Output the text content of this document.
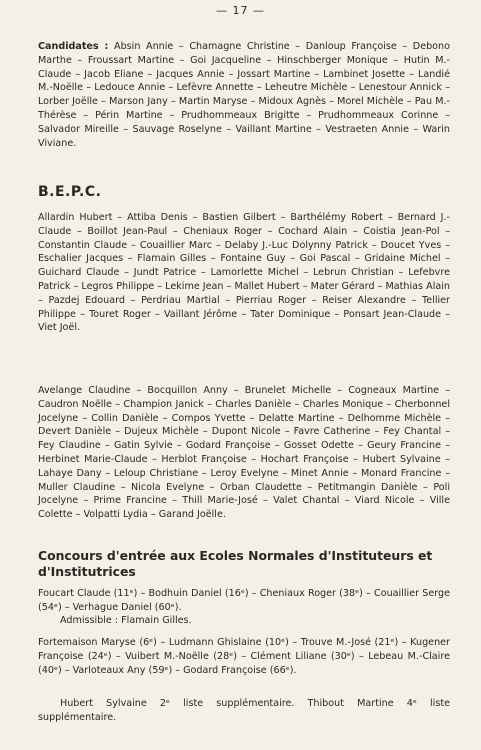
— 17 —
Candidates : Absin Annie – Chamagne Christine – Danloup Françoise – Debono Marthe – Froussart Martine – Goi Jacqueline – Hinschberger Monique – Hutin M.-Claude – Jacob Eliane – Jacques Annie – Jossart Martine – Lambinet Josette – Landié M.-Noëlle – Ledouce Annie – Lefèvre Annette – Leheutre Michèle – Lenestour Annick – Lorber Joëlle – Marson Jany – Martin Maryse – Midoux Agnès – Morel Michèle – Pau M.-Thérèse – Périn Martine – Prudhommeaux Brigitte – Prudhommeaux Corinne – Salvador Mireille – Sauvage Roselyne – Vaillant Martine – Vestraeten Annie – Warin Viviane.
B.E.P.C.
Allardin Hubert – Attiba Denis – Bastien Gilbert – Barthélémy Robert – Bernard J.-Claude – Boillot Jean-Paul – Cheniaux Roger – Cochard Alain – Coistia Jean-Pol – Constantin Claude – Couaillier Marc – Delaby J.-Luc Dolynny Patrick – Doucet Yves – Eschalier Jacques – Flamain Gilles – Fontaine Guy – Goi Pascal – Gridaine Michel – Guichard Claude – Jundt Patrice – Lamorlette Michel – Lebrun Christian – Lefebvre Patrick – Legros Philippe – Lekime Jean – Mallet Hubert – Mater Gérard – Mathias Alain – Pazdej Edouard – Perdriau Martial – Pierriau Roger – Reiser Alexandre – Tellier Philippe – Touret Roger – Vaillant Jérôme – Tater Dominique – Ponsart Jean-Claude – Viet Joël.
Avelange Claudine – Bocquillon Anny – Brunelet Michelle – Cogneaux Martine – Caudron Noëlle – Champion Janick – Charles Danièle – Charles Monique – Cherbonnel Jocelyne – Collin Danièle – Compos Yvette – Delatte Martine – Delhomme Michèle – Devert Danièle – Dujeux Michèle – Dupont Nicole – Favre Catherine – Fey Chantal – Fey Claudine – Gatin Sylvie – Godard Françoise – Gosset Odette – Geury Francine – Herbinet Marie-Claude – Herblot Françoise – Hochart Françoise – Hubert Sylvaine – Lahaye Dany – Leloup Christiane – Leroy Evelyne – Minet Annie – Monard Francine – Muller Claudine – Nicola Evelyne – Orban Claudette – Petitmangin Danièle – Poli Jocelyne – Prime Francine – Thill Marie-José – Valet Chantal – Viard Nicole – Ville Colette – Volpatti Lydia – Garand Joëlle.
Concours d'entrée aux Ecoles Normales d'Instituteurs et d'Institutrices
Foucart Claude (11ᵉ) – Bodhuin Daniel (16ᵉ) – Cheniaux Roger (38ᵉ) – Couaillier Serge (54ᵉ) – Verhague Daniel (60ᵉ).
Admissible : Flamain Gilles.
Fortemaison Maryse (6ᵉ) – Ludmann Ghislaine (10ᵉ) – Trouve M.-José (21ᵉ) – Kugener Françoise (24ᵉ) – Vuibert M.-Noëlle (28ᵉ) – Clément Liliane (30ᵉ) – Lebeau M.-Claire (40ᵉ) – Varloteaux Any (59ᵉ) – Godard Françoise (66ᵉ).
Hubert Sylvaine 2ᵉ liste supplémentaire. Thibout Martine 4ᵉ liste supplémentaire.
